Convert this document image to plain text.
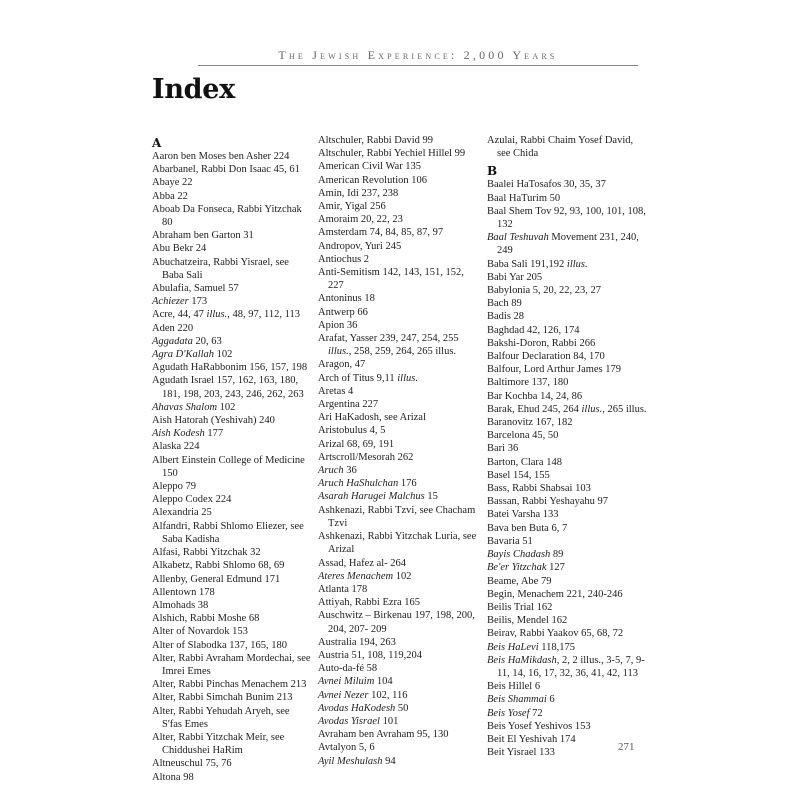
The Jewish Experience: 2,000 Years
Index
A
Aaron ben Moses ben Asher 224
Abarbanel, Rabbi Don Isaac 45, 61
Abaye 22
Abba 22
Aboab Da Fonseca, Rabbi Yitzchak 80
Abraham ben Garton 31
Abu Bekr 24
Abuchatzeira, Rabbi Yisrael, see Baba Sali
Abulafia, Samuel 57
Achiezer 173
Acre, 44, 47 illus., 48, 97, 112, 113
Aden 220
Aggadata 20, 63
Agra D'Kallah 102
Agudath HaRabbonim 156, 157, 198
Agudath Israel 157, 162, 163, 180, 181, 198, 203, 243, 246, 262, 263
Ahavas Shalom 102
Aish Hatorah (Yeshivah) 240
Aish Kodesh 177
Alaska 224
Albert Einstein College of Medicine 150
Aleppo 79
Aleppo Codex 224
Alexandria 25
Alfandri, Rabbi Shlomo Eliezer, see Saba Kadisha
Alfasi, Rabbi Yitzchak 32
Alkabetz, Rabbi Shlomo 68, 69
Allenby, General Edmund 171
Allentown 178
Almohads 38
Alshich, Rabbi Moshe 68
Alter of Novardok 153
Alter of Slabodka 137, 165, 180
Alter, Rabbi Avraham Mordechai, see Imrei Emes
Alter, Rabbi Pinchas Menachem 213
Alter, Rabbi Simchah Bunim 213
Alter, Rabbi Yehudah Aryeh, see S'fas Emes
Alter, Rabbi Yitzchak Meir, see Chiddushei HaRim
Altneuschul 75, 76
Altona 98
Altschuler, Rabbi David 99
Altschuler, Rabbi Yechiel Hillel 99
American Civil War 135
American Revolution 106
Amin, Idi 237, 238
Amir, Yigal 256
Amoraim 20, 22, 23
Amsterdam 74, 84, 85, 87, 97
Andropov, Yuri 245
Antiochus 2
Anti-Semitism 142, 143, 151, 152, 227
Antoninus 18
Antwerp 66
Apion 36
Arafat, Yasser 239, 247, 254, 255 illus., 258, 259, 264, 265 illus.
Aragon, 47
Arch of Titus 9,11 illus.
Aretas 4
Argentina 227
Ari HaKadosh, see Arizal
Aristobulus 4, 5
Arizal 68, 69, 191
Artscroll/Mesorah 262
Aruch 36
Aruch HaShulchan 176
Asarah Harugei Malchus 15
Ashkenazi, Rabbi Tzvi, see Chacham Tzvi
Ashkenazi, Rabbi Yitzchak Luria, see Arizal
Assad, Hafez al- 264
Ateres Menachem 102
Atlanta 178
Attiyah, Rabbi Ezra 165
Auschwitz – Birkenau 197, 198, 200, 204, 207- 209
Australia 194, 263
Austria 51, 108, 119,204
Auto-da-fé 58
Avnei Miluim 104
Avnei Nezer 102, 116
Avodas HaKodesh 50
Avodas Yisrael 101
Avraham ben Avraham 95, 130
Avtalyon 5, 6
Ayil Meshulash 94
Azulai, Rabbi Chaim Yosef David, see Chida
B
Baalei HaTosafos 30, 35, 37
Baal HaTurim 50
Baal Shem Tov 92, 93, 100, 101, 108, 132
Baal Teshuvah Movement 231, 240, 249
Baba Sali 191,192 illus.
Babi Yar 205
Babylonia 5, 20, 22, 23, 27
Bach 89
Badis 28
Baghdad 42, 126, 174
Bakshi-Doron, Rabbi 266
Balfour Declaration 84, 170
Balfour, Lord Arthur James 179
Baltimore 137, 180
Bar Kochba 14, 24, 86
Barak, Ehud 245, 264 illus., 265 illus.
Baranovitz 167, 182
Barcelona 45, 50
Bari 36
Barton, Clara 148
Basel 154, 155
Bass, Rabbi Shabsai 103
Bassan, Rabbi Yeshayahu 97
Batei Varsha 133
Bava ben Buta 6, 7
Bavaria 51
Bayis Chadash 89
Be'er Yitzchak 127
Beame, Abe 79
Begin, Menachem 221, 240-246
Beilis Trial 162
Beilis, Mendel 162
Beirav, Rabbi Yaakov 65, 68, 72
Beis HaLevi 118,175
Beis HaMikdash, 2, 2 illus., 3-5, 7, 9-11, 14, 16, 17, 32, 36, 41, 42, 113
Beis Hillel 6
Beis Shammai 6
Beis Yosef 72
Beis Yosef Yeshivos 153
Beit El Yeshivah 174
Beit Yisrael 133	271
